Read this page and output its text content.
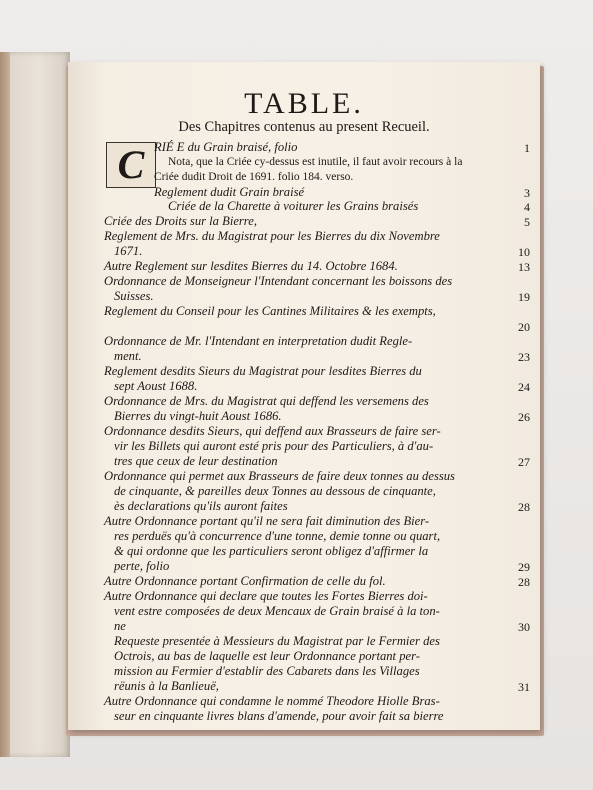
TABLE.
Des Chapitres contenus au present Recueil.
C RIÉ E du Grain braisé, folio	1
Nota, que la Criée cy-dessus est inutile, il faut avoir recours à la
Criée dudit Droit de 1691. folio 184. verso.
Reglement dudit Grain braisé	3
Criée de la Charette à voiturer les Grains braisés	4
Criée des Droits sur la Bierre,	5
Reglement de Mrs. du Magistrat pour les Bierres du dix Novembre
1671.	10
Autre Reglement sur lesdites Bierres du 14. Octobre 1684.	13
Ordonnance de Monseigneur l'Intendant concernant les boissons des
Suisses.	19
Reglement du Conseil pour les Cantines Militaires & les exempts,
20
Ordonnance de Mr. l'Intendant en interpretation dudit Regle-
ment.	23
Reglement desdits Sieurs du Magistrat pour lesdites Bierres du
sept Aoust 1688.	24
Ordonnance de Mrs. du Magistrat qui deffend les versemens des
Bierres du vingt-huit Aoust 1686.	26
Ordonnance desdits Sieurs, qui deffend aux Brasseurs de faire ser-
vir les Billets qui auront esté pris pour des Particuliers, à d'au-
tres que ceux de leur destination	27
Ordonnance qui permet aux Brasseurs de faire deux tonnes au dessus
de cinquante, & pareilles deux Tonnes au dessous de cinquante,
ès declarations qu'ils auront faites	28
Autre Ordonnance portant qu'il ne sera fait diminution des Bier-
res perduës qu'à concurrence d'une tonne, demie tonne ou quart,
& qui ordonne que les particuliers seront obligez d'affirmer la
perte, folio	29
Autre Ordonnance portant Confirmation de celle du fol.	28
Autre Ordonnance qui declare que toutes les Fortes Bierres doi-
vent estre composées de deux Mencaux de Grain braisé à la ton-
ne	30
Requeste presentée à Messieurs du Magistrat par le Fermier des
Octrois, au bas de laquelle est leur Ordonnance portant per-
mission au Fermier d'establir des Cabarets dans les Villages
rëunis à la Banlieuë,	31
Autre Ordonnance qui condamne le nommé Theodore Hiolle Bras-
seur en cinquante livres blans d'amende, pour avoir fait sa bierre
